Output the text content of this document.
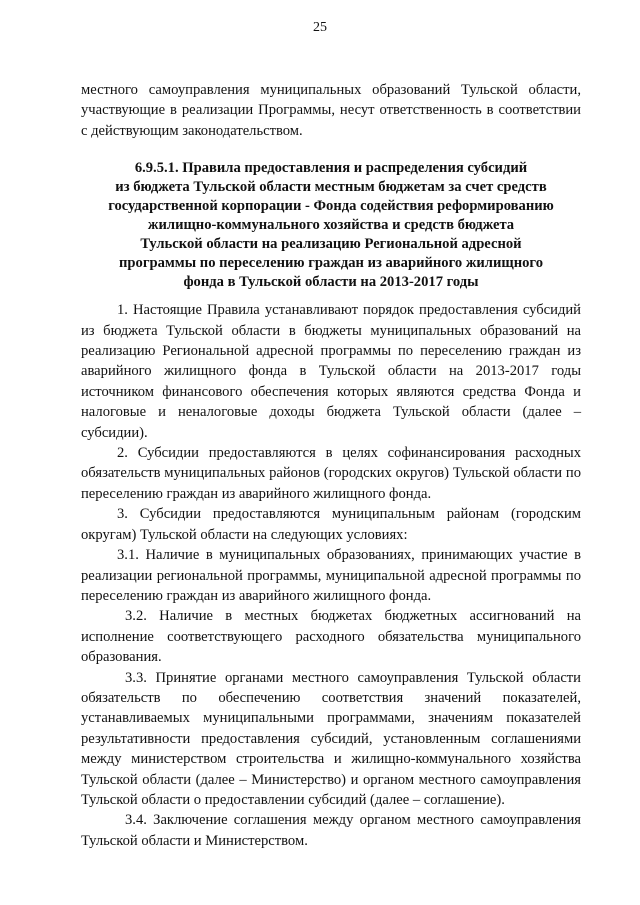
25

местного самоуправления муниципальных образований Тульской области, участвующие в реализации Программы, несут ответственность в соответствии с действующим законодательством.

6.9.5.1. Правила предоставления и распределения субсидий
из бюджета Тульской области местным бюджетам за счет средств
государственной корпорации - Фонда содействия реформированию
жилищно-коммунального хозяйства и средств бюджета
Тульской области на реализацию Региональной адресной
программы по переселению граждан из аварийного жилищного
фонда в Тульской области на 2013-2017 годы

1. Настоящие Правила устанавливают порядок предоставления субсидий из бюджета Тульской области в бюджеты муниципальных образований на реализацию Региональной адресной программы по переселению граждан из аварийного жилищного фонда в Тульской области на 2013-2017 годы источником финансового обеспечения которых являются средства Фонда и налоговые и неналоговые доходы бюджета Тульской области (далее – субсидии).

2. Субсидии предоставляются в целях софинансирования расходных обязательств муниципальных районов (городских округов) Тульской области по переселению граждан из аварийного жилищного фонда.

3. Субсидии предоставляются муниципальным районам (городским округам) Тульской области на следующих условиях:

3.1. Наличие в муниципальных образованиях, принимающих участие в реализации региональной программы, муниципальной адресной программы по переселению граждан из аварийного жилищного фонда.

3.2. Наличие в местных бюджетах бюджетных ассигнований на исполнение соответствующего расходного обязательства муниципального образования.

3.3. Принятие органами местного самоуправления Тульской области обязательств по обеспечению соответствия значений показателей, устанавливаемых муниципальными программами, значениям показателей результативности предоставления субсидий, установленным соглашениями между министерством строительства и жилищно-коммунального хозяйства Тульской области (далее – Министерство) и органом местного самоуправления Тульской области о предоставлении субсидий (далее – соглашение).

3.4. Заключение соглашения между органом местного самоуправления Тульской области и Министерством.
